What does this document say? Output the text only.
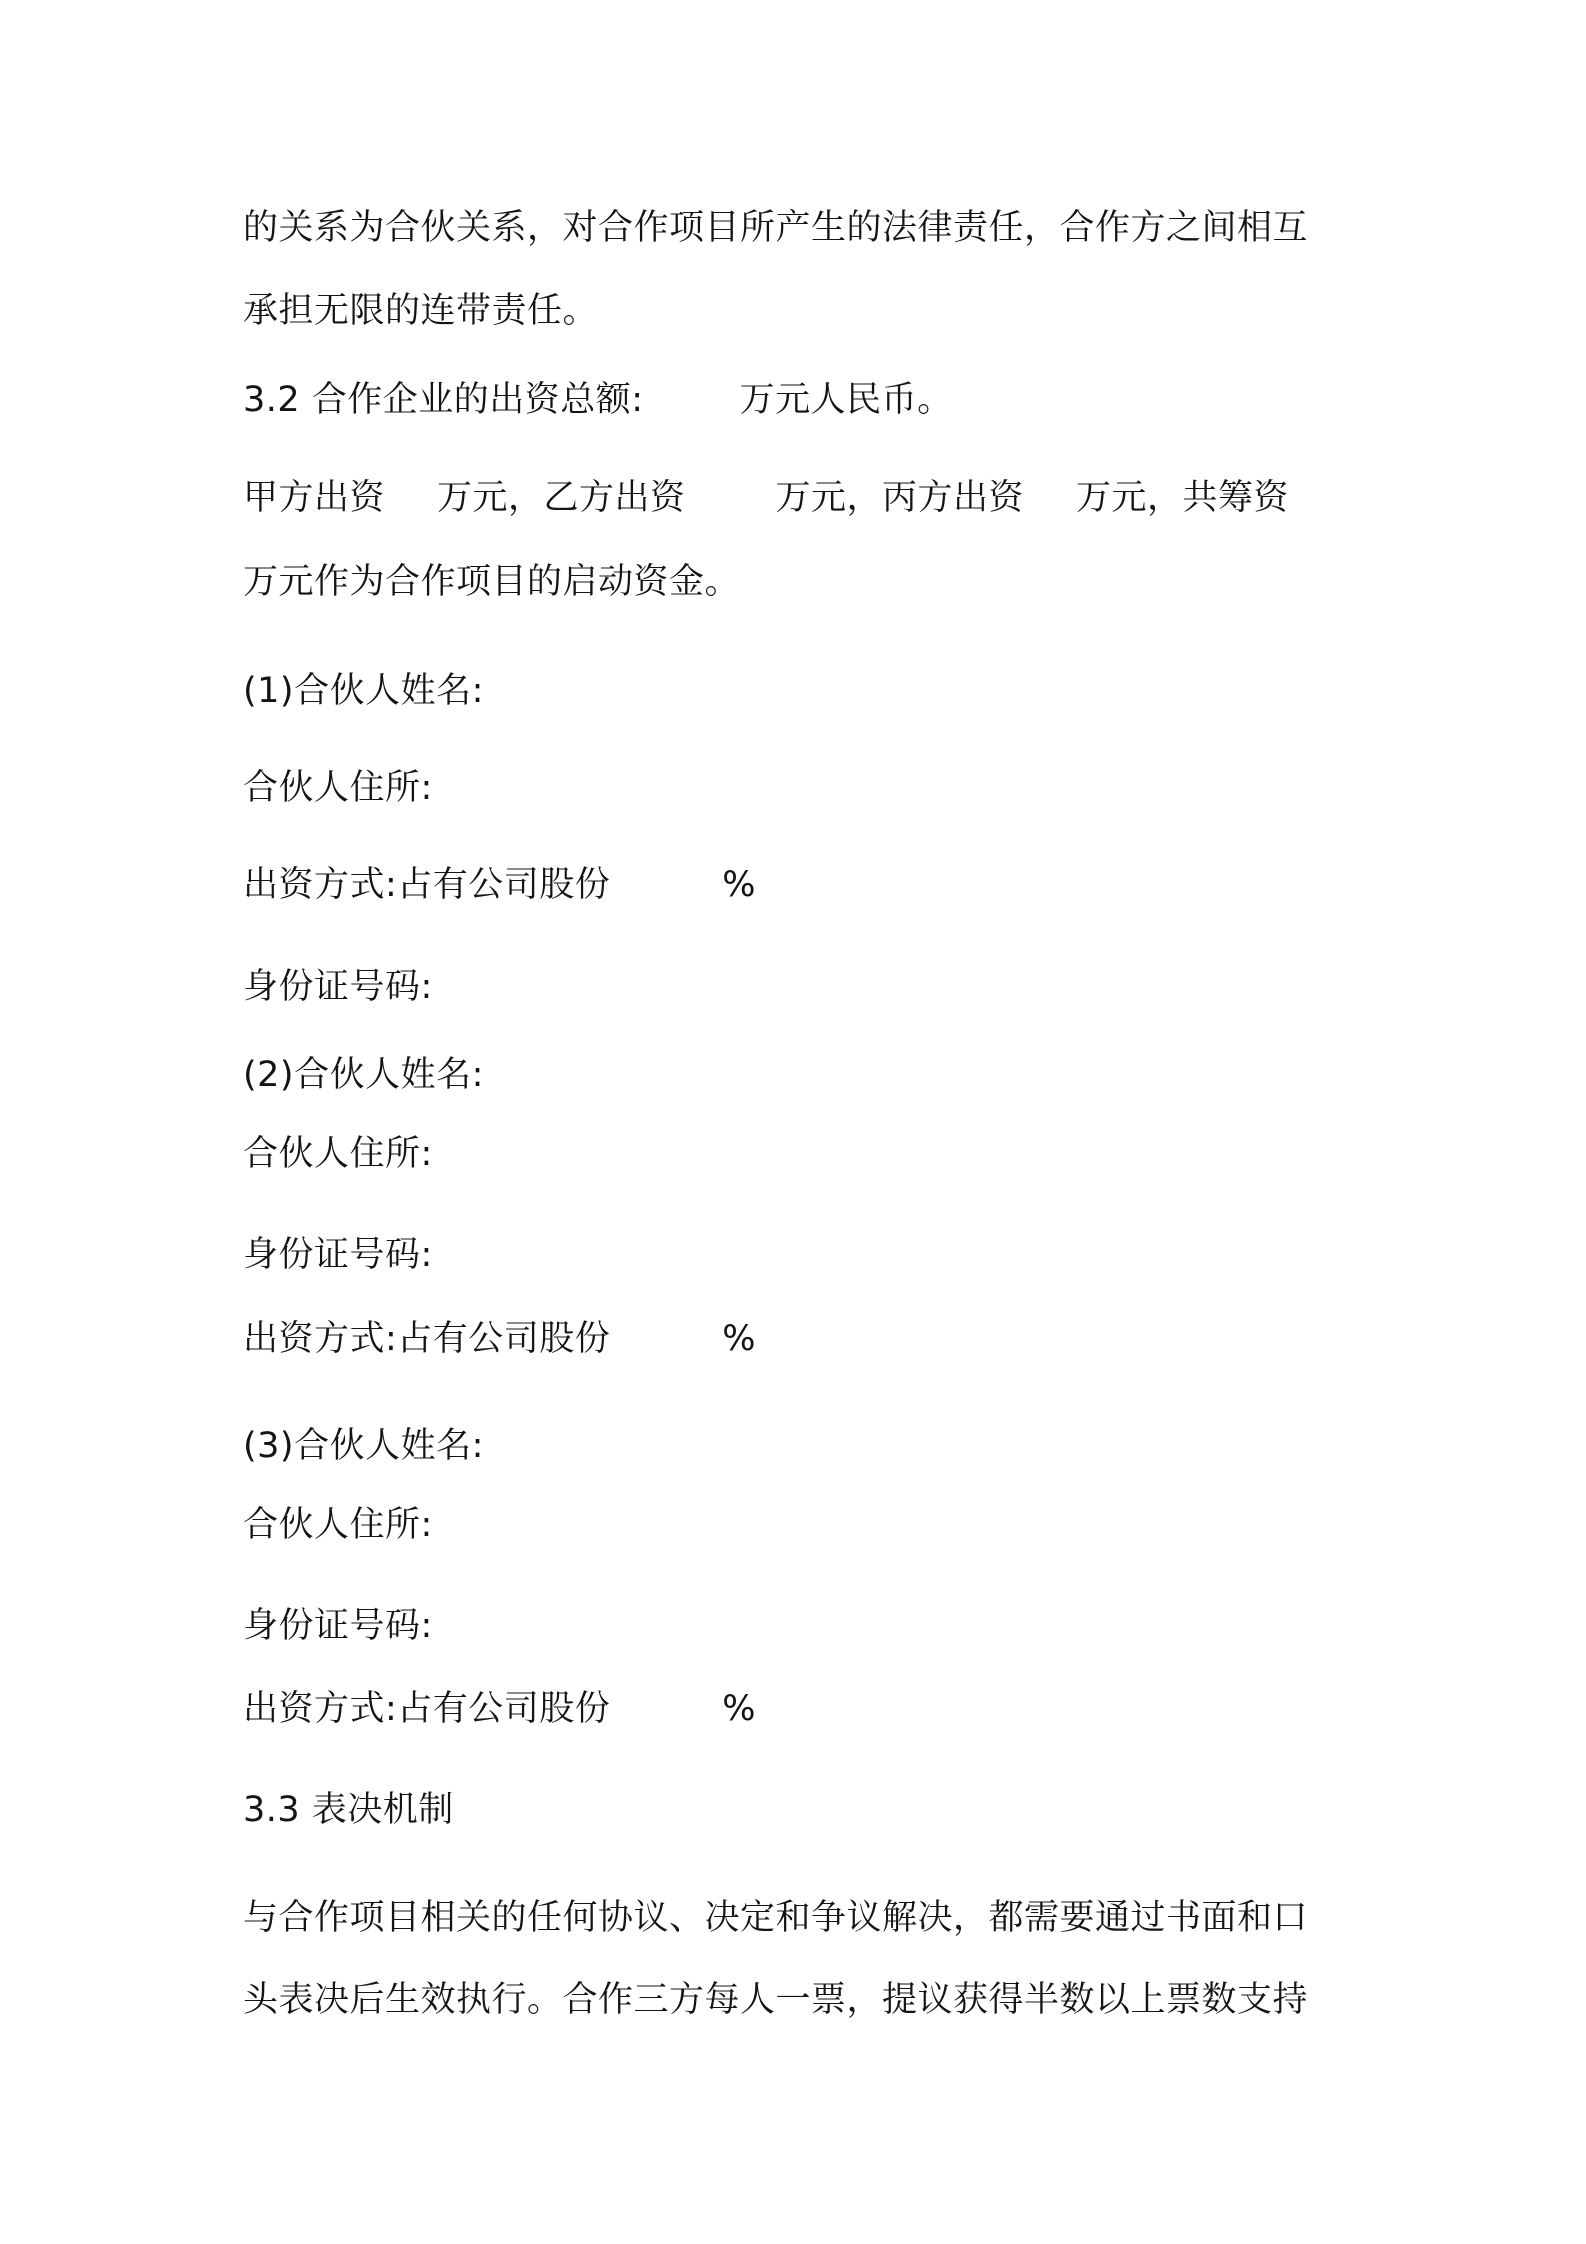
的关系为合伙关系，对合作项目所产生的法律责任，合作方之间相互
承担无限的连带责任。
3.2 合作企业的出资总额:	万元人民币。
甲方出资 万元，乙方出资	万元，丙方出资 万元，共筹资
万元作为合作项目的启动资金。
(1)合伙人姓名:
合伙人住所:
出资方式:占有公司股份	%
身份证号码:
(2)合伙人姓名:
合伙人住所:
身份证号码:
出资方式:占有公司股份	%
(3)合伙人姓名:
合伙人住所:
身份证号码:
出资方式:占有公司股份	%
3.3 表决机制
与合作项目相关的任何协议、决定和争议解决，都需要通过书面和口
头表决后生效执行。合作三方每人一票，提议获得半数以上票数支持
